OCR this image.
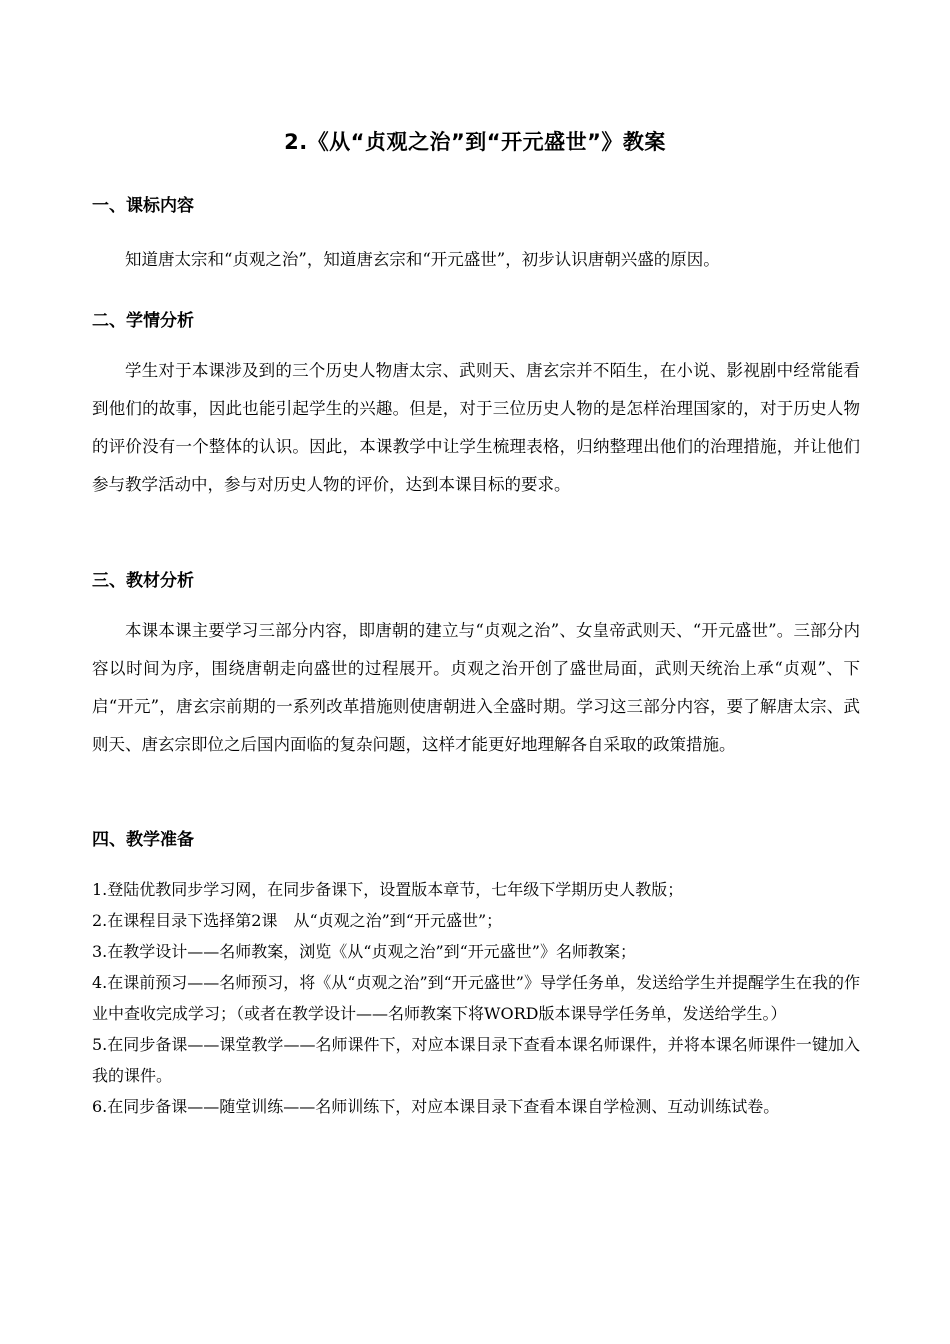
2.《从“贞观之治”到“开元盛世”》教案
一、课标内容
知道唐太宗和“贞观之治”，知道唐玄宗和“开元盛世”，初步认识唐朝兴盛的原因。
二、学情分析
学生对于本课涉及到的三个历史人物唐太宗、武则天、唐玄宗并不陌生，在小说、影视剧中经常能看到他们的故事，因此也能引起学生的兴趣。但是，对于三位历史人物的是怎样治理国家的，对于历史人物的评价没有一个整体的认识。因此，本课教学中让学生梳理表格，归纳整理出他们的治理措施，并让他们参与教学活动中，参与对历史人物的评价，达到本课目标的要求。
三、教材分析
本课本课主要学习三部分内容，即唐朝的建立与“贞观之治”、女皇帝武则天、“开元盛世”。三部分内容以时间为序，围绕唐朝走向盛世的过程展开。贞观之治开创了盛世局面，武则天统治上承“贞观”、下启“开元”，唐玄宗前期的一系列改革措施则使唐朝进入全盛时期。学习这三部分内容，要了解唐太宗、武则天、唐玄宗即位之后国内面临的复杂问题，这样才能更好地理解各自采取的政策措施。
四、教学准备
1.登陆优教同步学习网，在同步备课下，设置版本章节，七年级下学期历史人教版；
2.在课程目录下选择第2课　从“贞观之治”到“开元盛世”；
3.在教学设计——名师教案，浏览《从“贞观之治”到“开元盛世”》名师教案；
4.在课前预习——名师预习，将《从“贞观之治”到“开元盛世”》导学任务单，发送给学生并提醒学生在我的作业中查收完成学习；（或者在教学设计——名师教案下将WORD版本课导学任务单，发送给学生。）
5.在同步备课——课堂教学——名师课件下，对应本课目录下查看本课名师课件，并将本课名师课件一键加入我的课件。
6.在同步备课——随堂训练——名师训练下，对应本课目录下查看本课自学检测、互动训练试卷。
